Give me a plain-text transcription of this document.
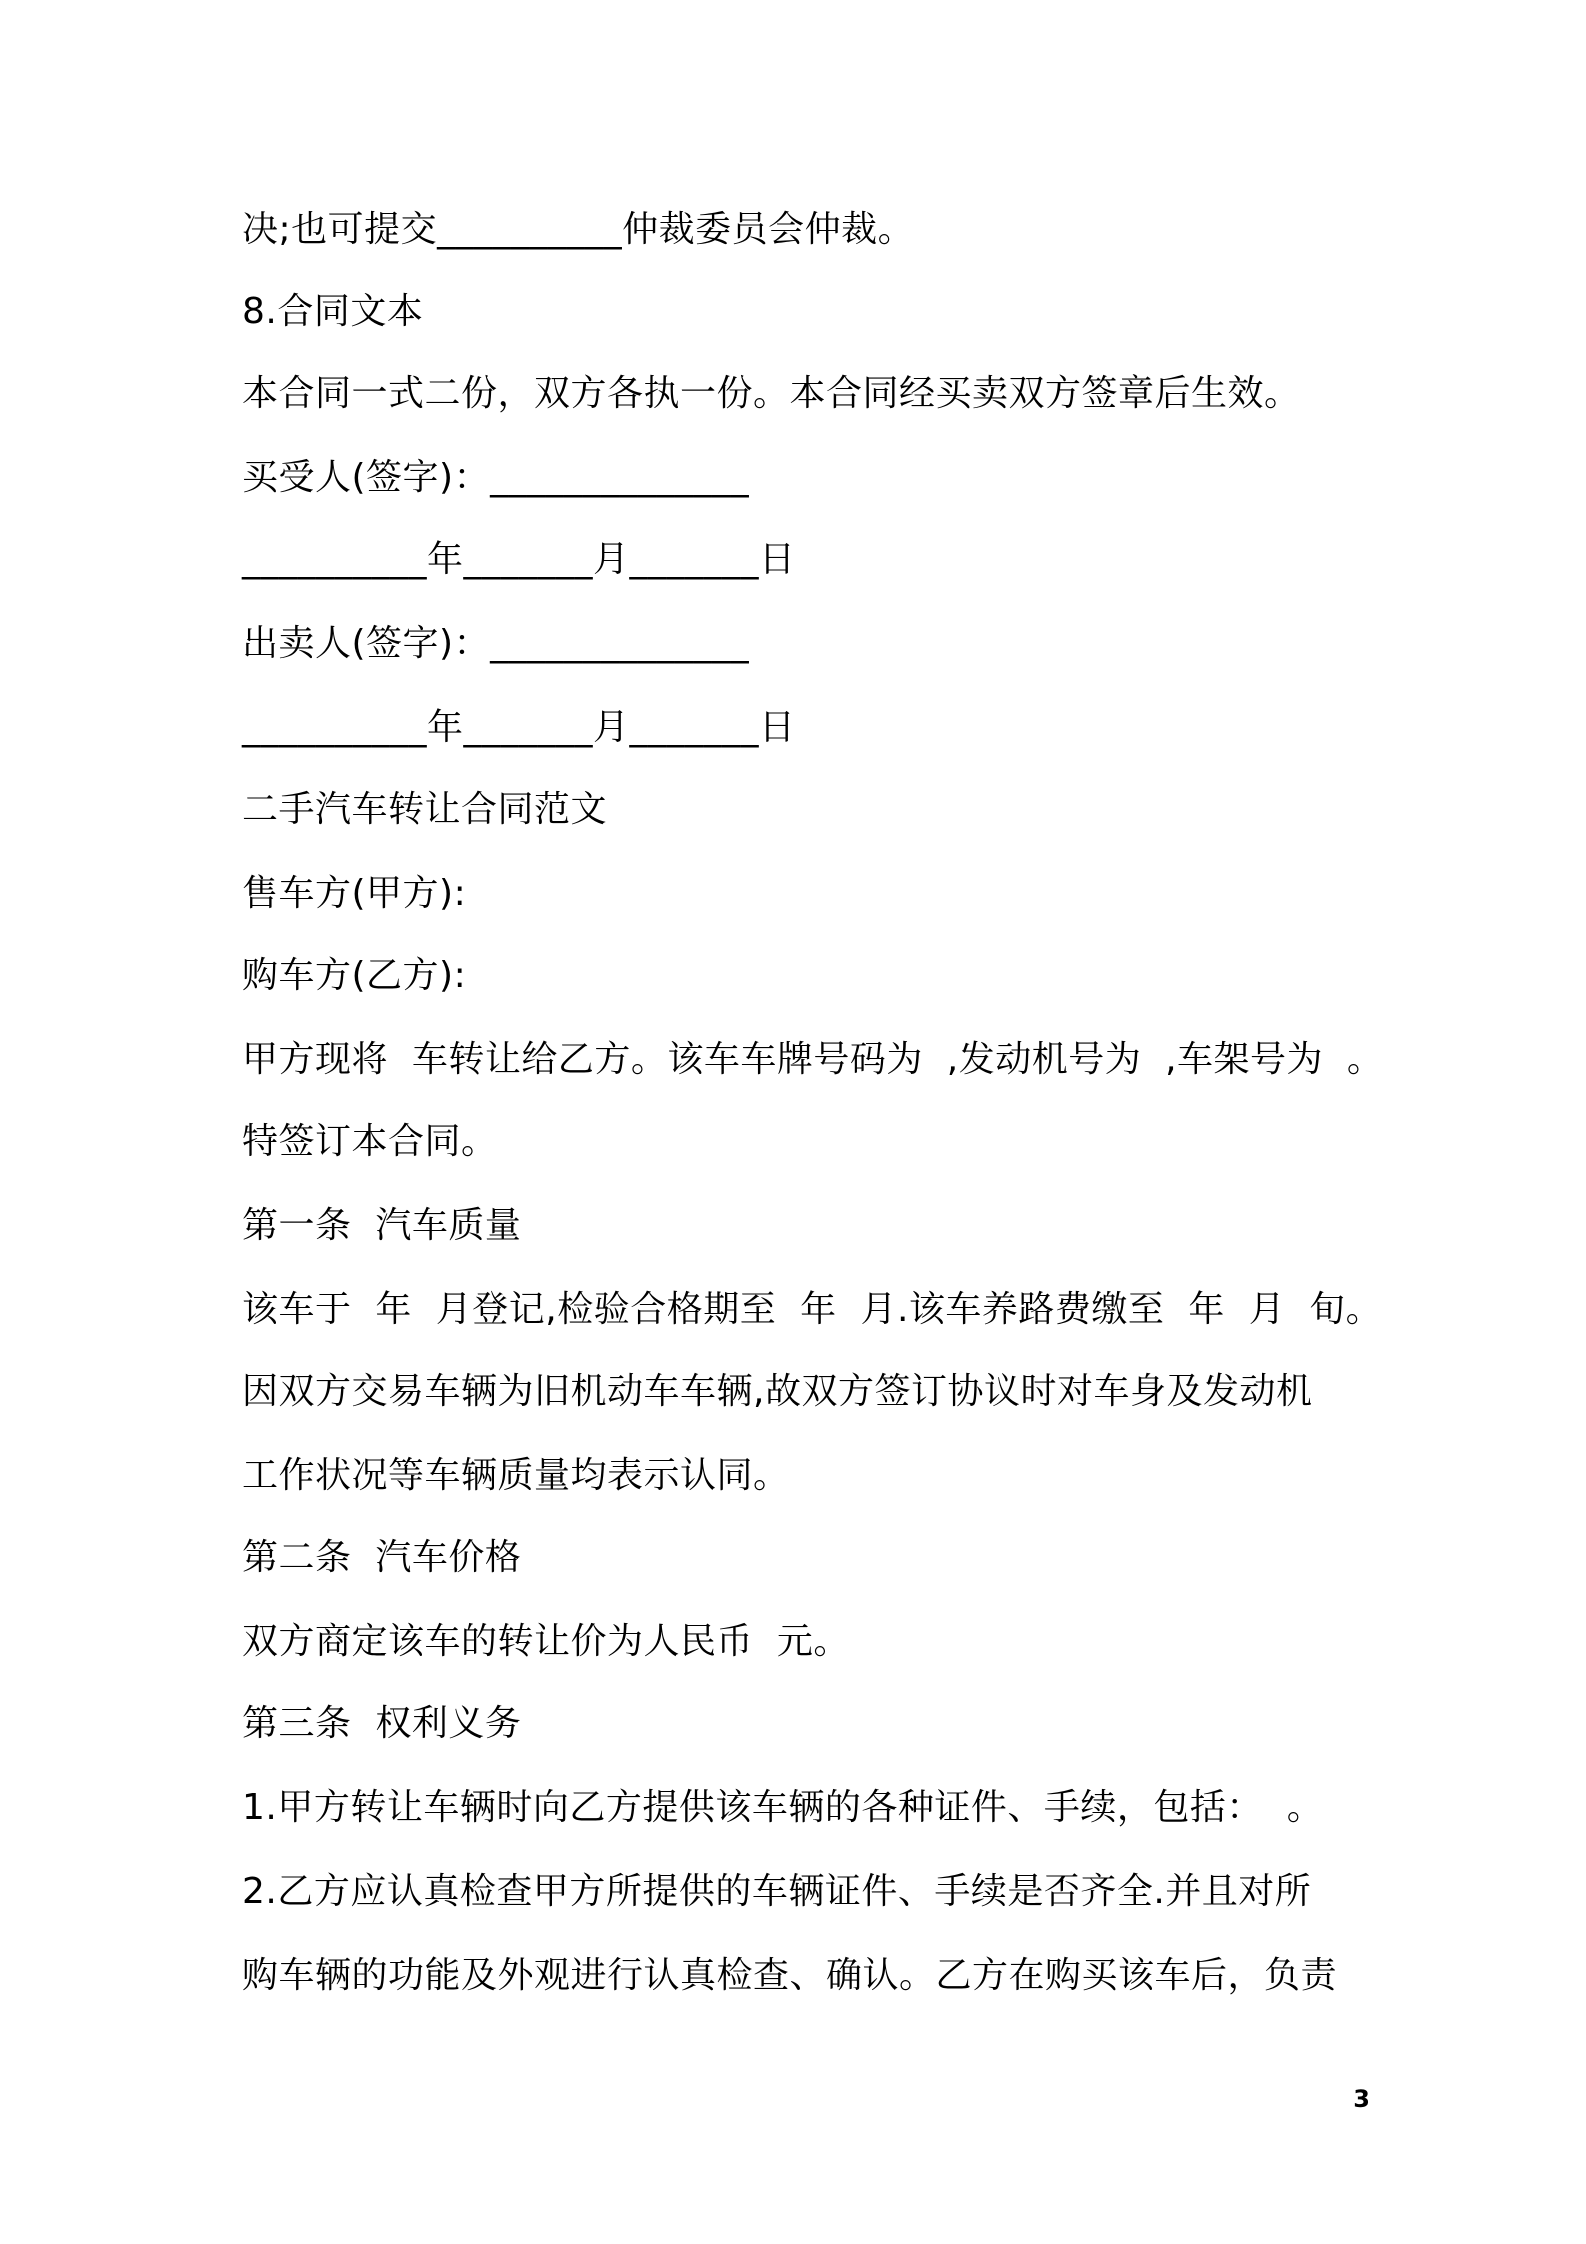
决;也可提交__________仲裁委员会仲裁。
8.合同文本
本合同一式二份，双方各执一份。本合同经买卖双方签章后生效。
买受人(签字)：______________
__________年_______月_______日
出卖人(签字)：______________
__________年_______月_______日
二手汽车转让合同范文
售车方(甲方):
购车方(乙方):
甲方现将  车转让给乙方。该车车牌号码为  ,发动机号为  ,车架号为  。
特签订本合同。
第一条  汽车质量
该车于  年  月登记,检验合格期至  年  月.该车养路费缴至  年  月  旬。
因双方交易车辆为旧机动车车辆,故双方签订协议时对车身及发动机
工作状况等车辆质量均表示认同。
第二条  汽车价格
双方商定该车的转让价为人民币  元。
第三条  权利义务
1.甲方转让车辆时向乙方提供该车辆的各种证件、手续，包括：  。
2.乙方应认真检查甲方所提供的车辆证件、手续是否齐全.并且对所
购车辆的功能及外观进行认真检查、确认。乙方在购买该车后，负责
3
